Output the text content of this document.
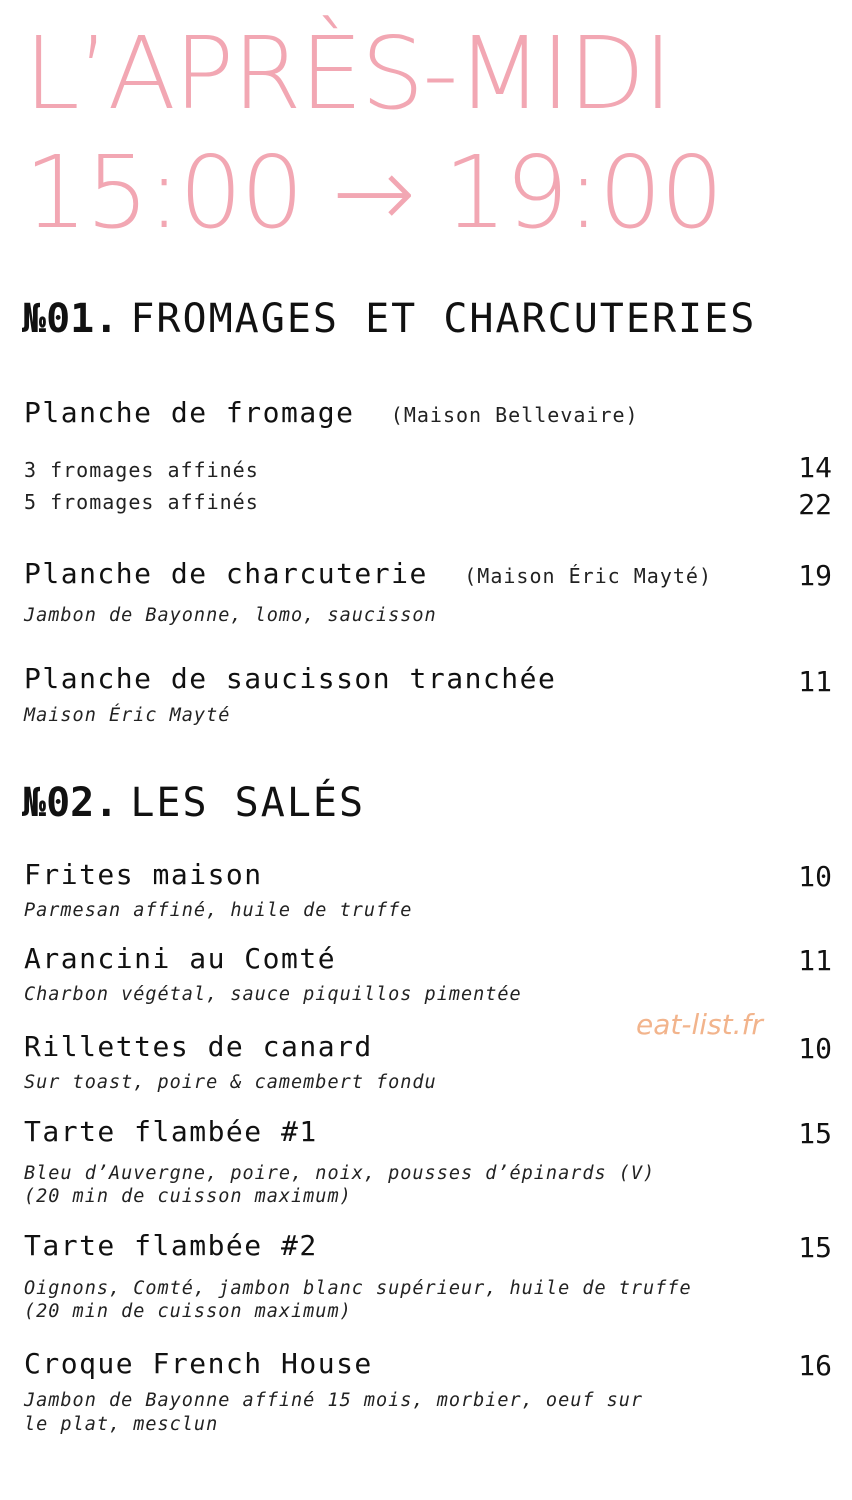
L’APRÈS-MIDI
15:00 → 19:00
№01. FROMAGES ET CHARCUTERIES
Planche de fromage (Maison Bellevaire)
3 fromages affinés	14
5 fromages affinés	22
Planche de charcuterie (Maison Éric Mayté)	19
Jambon de Bayonne, lomo, saucisson
Planche de saucisson tranchée	11
Maison Éric Mayté
№02. LES SALÉS
Frites maison	10
Parmesan affiné, huile de truffe
Arancini au Comté	11
Charbon végétal, sauce piquillos pimentée
eat-list.fr
Rillettes de canard	10
Sur toast, poire & camembert fondu
Tarte flambée #1	15
Bleu d’Auvergne, poire, noix, pousses d’épinards (V)
(20 min de cuisson maximum)
Tarte flambée #2	15
Oignons, Comté, jambon blanc supérieur, huile de truffe
(20 min de cuisson maximum)
Croque French House	16
Jambon de Bayonne affiné 15 mois, morbier, oeuf sur
le plat, mesclun
